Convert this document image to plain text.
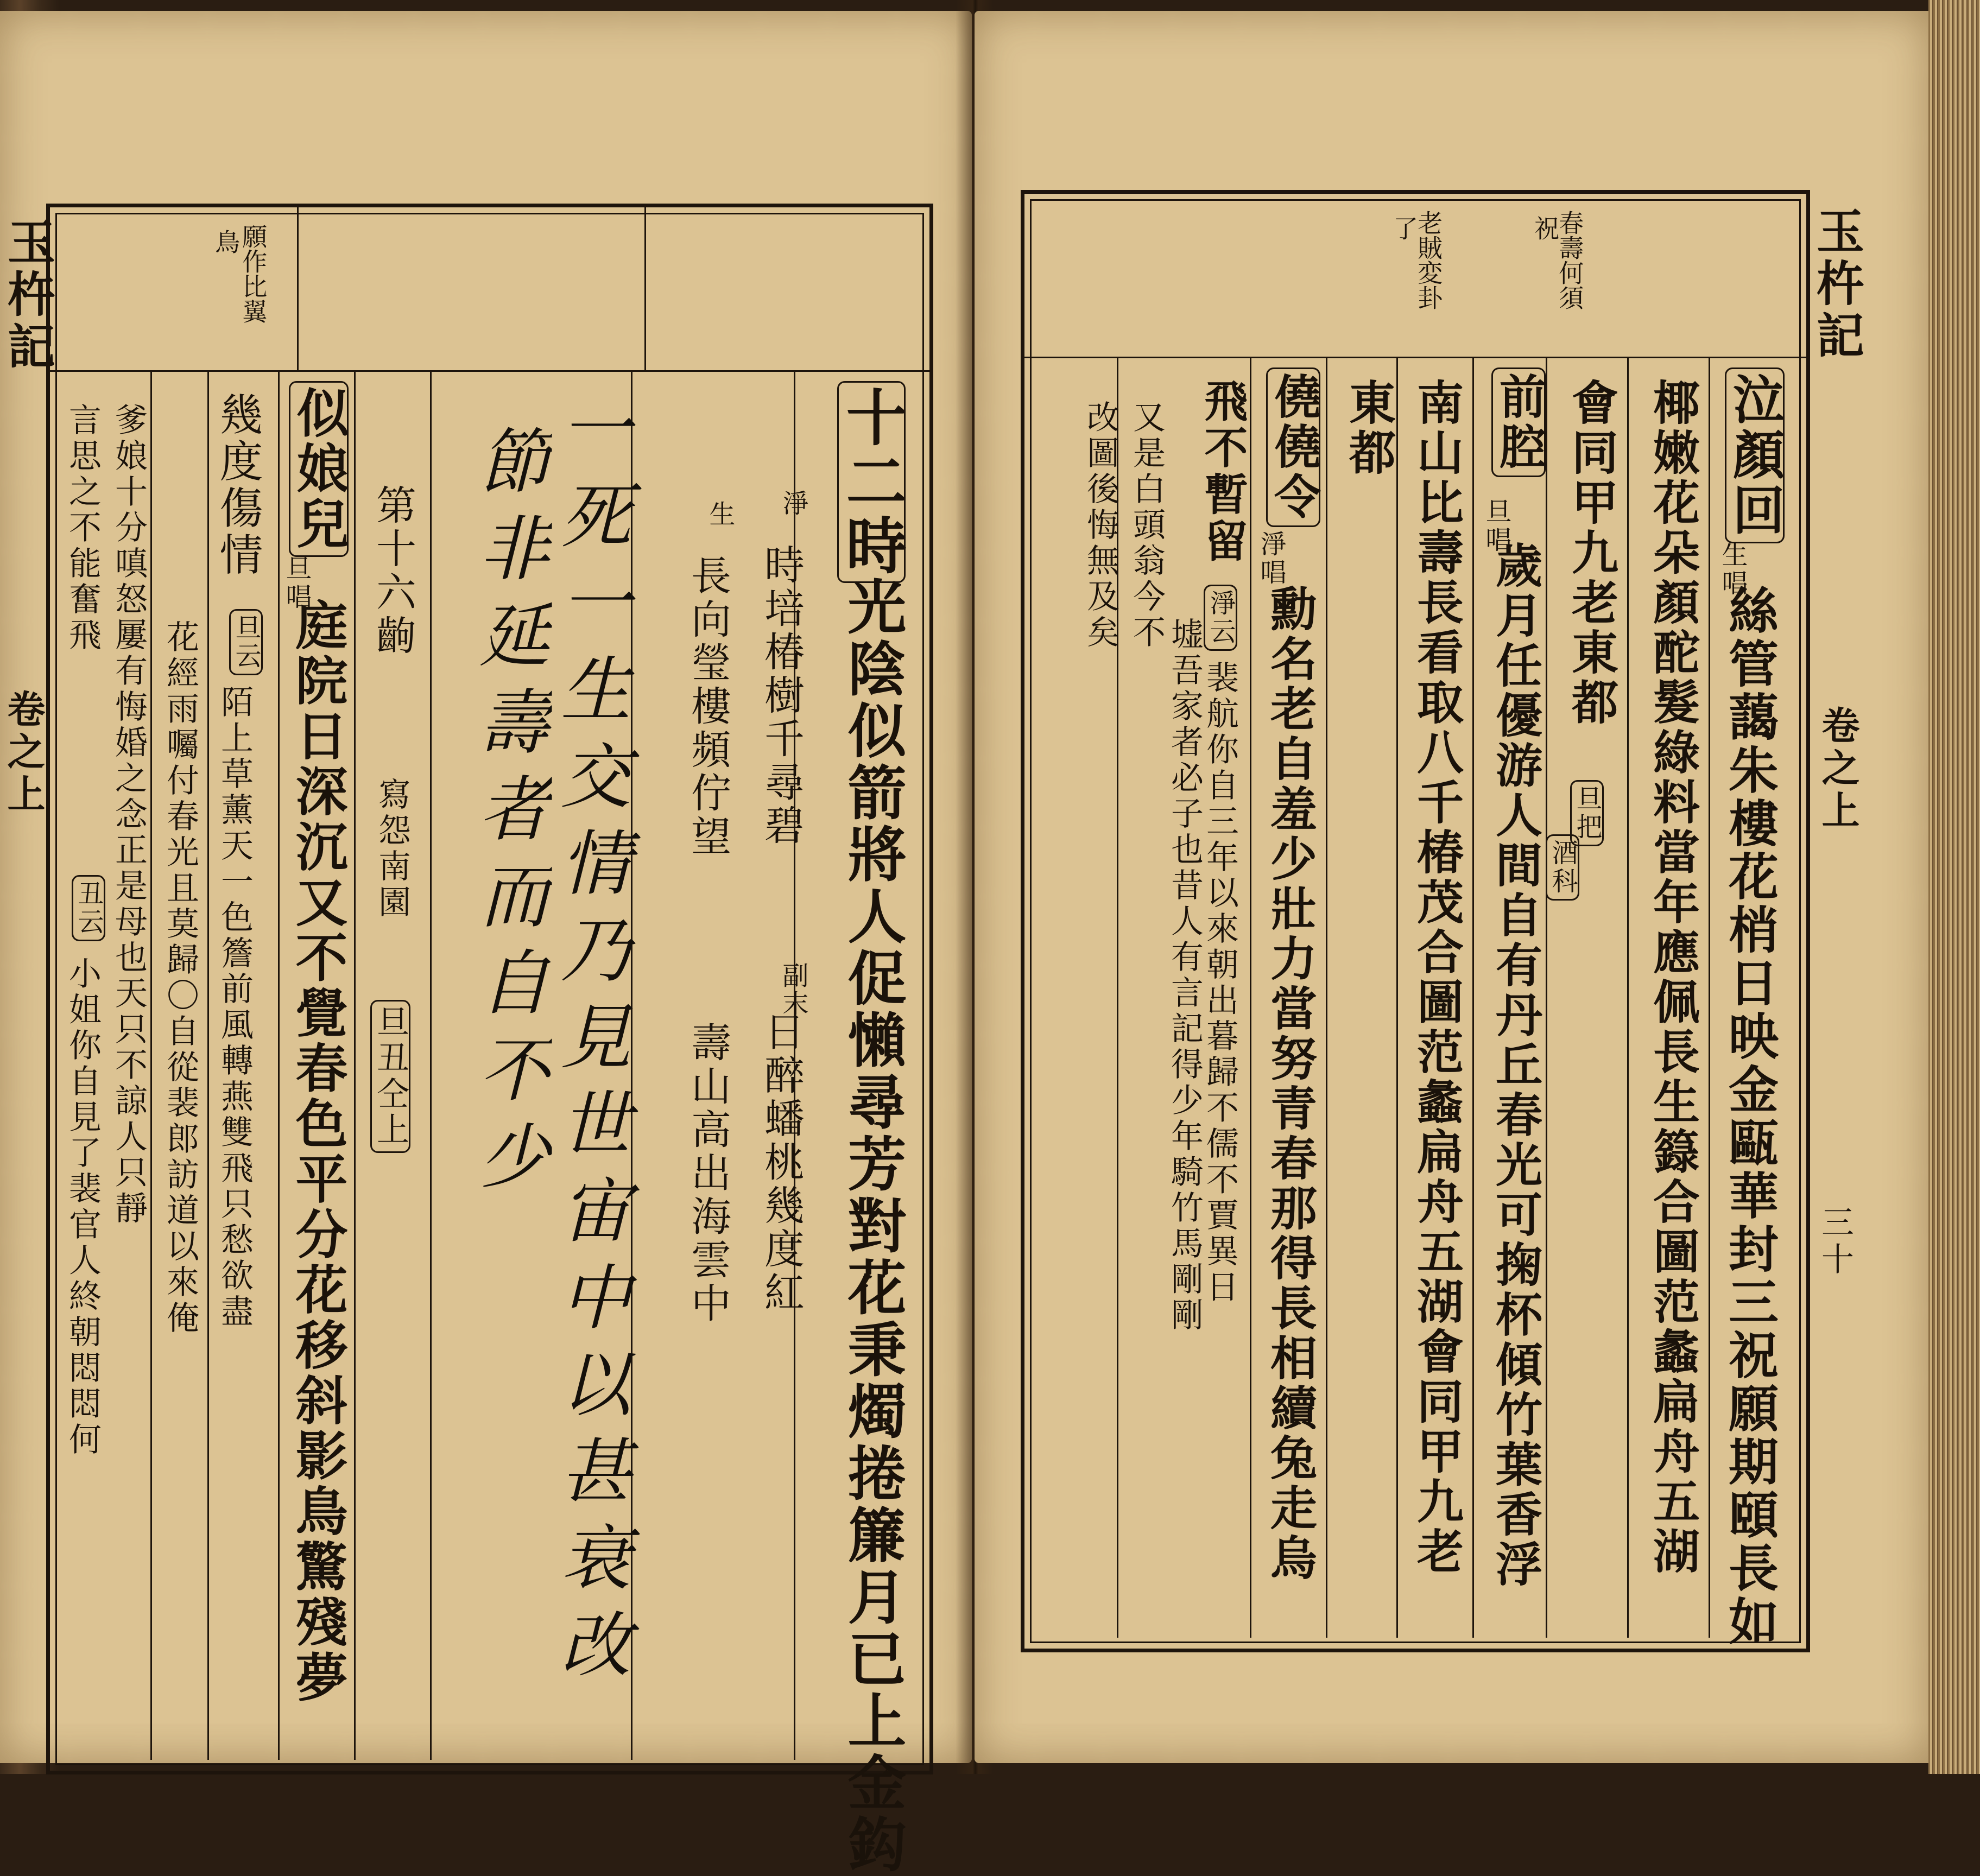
玉杵記
卷之上
願作比翼
鳥
十二時
光陰似箭將人促懶尋芳對花秉燭捲簾月已上金鈎
淨
時培椿樹千尋碧
副末
日醉蟠桃幾度紅
生
長向瑩樓頻佇望
壽山高出海雲中
一死一生交情乃見世宙中以甚衰改
節非延壽者而自不少
第十六齣
寫怨南園
旦丑仝上
似娘兒
旦唱
庭院日深沉又不覺春色平分花移斜影鳥驚殘夢
幾度傷情
旦云
陌上草薰天一色簷前風轉燕雙飛只愁欲盡
花經雨囑付春光且莫歸〇自從裴郎訪道以來俺
爹娘十分嗔怒屢有悔婚之念正是母也天只不諒人只靜
言思之不能奮飛
丑云
小姐你自見了裴官人終朝悶悶何
春壽何須
祝
老賊変卦
了
泣顏回
生唱
絲管藹朱樓花梢日映金甌華封三祝願期頤長如
椰嫩花朵顏酡髮綠料當年應佩長生籙合圖范蠡扁舟五湖
會同甲九老東都
旦把
酒科
前腔
旦唱
歲月任優游人間自有丹丘春光可掬杯傾竹葉香浮
南山比壽長看取八千椿茂合圖范蠡扁舟五湖會同甲九老
東都
僥僥令
淨唱
勳名老自羞少壯力當努青春那得長相續兔走烏
飛不暫留
淨云
裴航你自三年以來朝出暮歸不儒不賈異日
墟吾家者必子也昔人有言記得少年騎竹馬剛剛
又是白頭翁今不
改圖後悔無及矣
玉杵記
卷之上
三十
